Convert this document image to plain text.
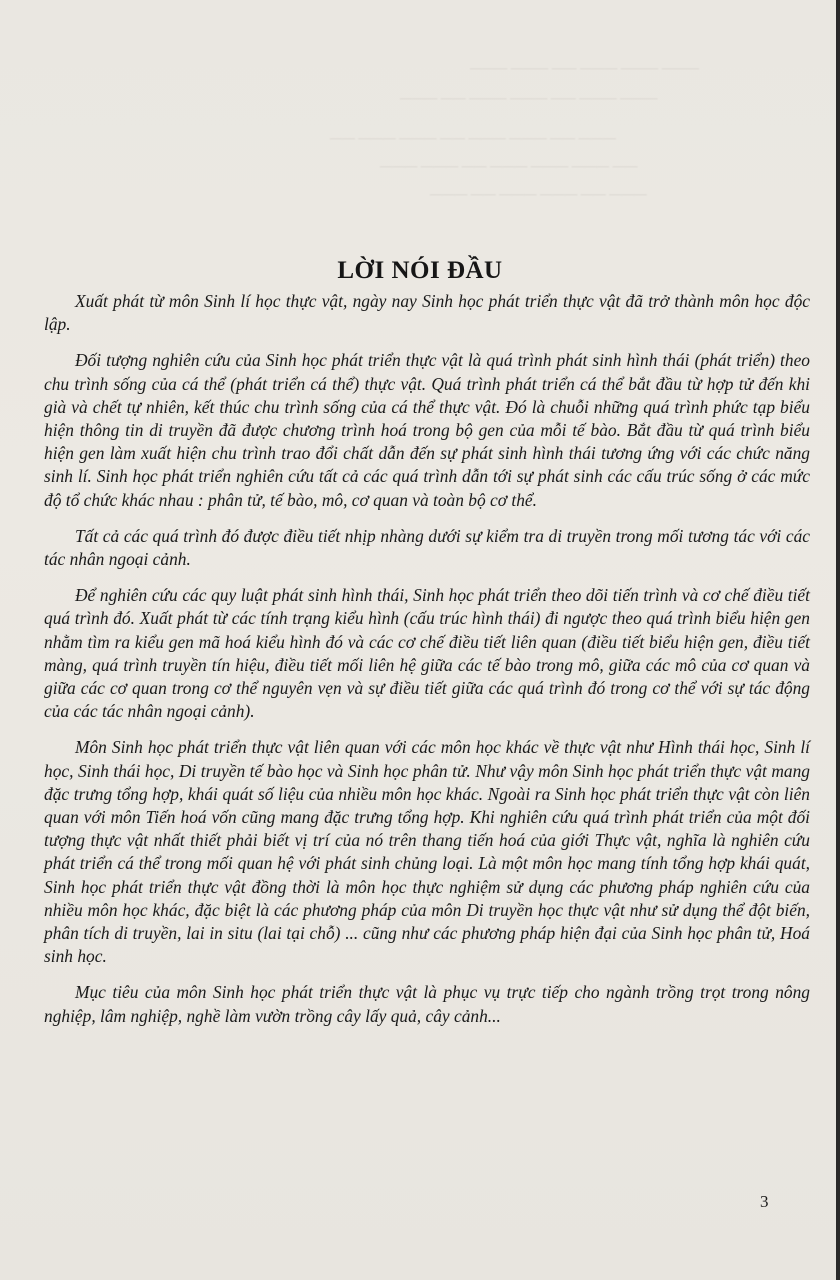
——— ——— —— ——— ——— ———
——— —— ——— ——— —— ——— ———
—— ——— ——— —— ——— ——— —— ———
——— ——— —— ——— ——— ——— ——
——— —— ——— ——— —— ———
LỜI NÓI ĐẦU

Xuất phát từ môn Sinh lí học thực vật, ngày nay Sinh học phát triển thực vật đã trở thành môn học độc lập.

Đối tượng nghiên cứu của Sinh học phát triển thực vật là quá trình phát sinh hình thái (phát triển) theo chu trình sống của cá thể (phát triển cá thể) thực vật. Quá trình phát triển cá thể bắt đầu từ hợp tử đến khi già và chết tự nhiên, kết thúc chu trình sống của cá thể thực vật. Đó là chuỗi những quá trình phức tạp biểu hiện thông tin di truyền đã được chương trình hoá trong bộ gen của mỗi tế bào. Bắt đầu từ quá trình biểu hiện gen làm xuất hiện chu trình trao đổi chất dẫn đến sự phát sinh hình thái tương ứng với các chức năng sinh lí. Sinh học phát triển nghiên cứu tất cả các quá trình dẫn tới sự phát sinh các cấu trúc sống ở các mức độ tổ chức khác nhau : phân tử, tế bào, mô, cơ quan và toàn bộ cơ thể.

Tất cả các quá trình đó được điều tiết nhịp nhàng dưới sự kiểm tra di truyền trong mối tương tác với các tác nhân ngoại cảnh.

Để nghiên cứu các quy luật phát sinh hình thái, Sinh học phát triển theo dõi tiến trình và cơ chế điều tiết quá trình đó. Xuất phát từ các tính trạng kiểu hình (cấu trúc hình thái) đi ngược theo quá trình biểu hiện gen nhằm tìm ra kiểu gen mã hoá kiểu hình đó và các cơ chế điều tiết liên quan (điều tiết biểu hiện gen, điều tiết màng, quá trình truyền tín hiệu, điều tiết mối liên hệ giữa các tế bào trong mô, giữa các mô của cơ quan và giữa các cơ quan trong cơ thể nguyên vẹn và sự điều tiết giữa các quá trình đó trong cơ thể với sự tác động của các tác nhân ngoại cảnh).

Môn Sinh học phát triển thực vật liên quan với các môn học khác về thực vật như Hình thái học, Sinh lí học, Sinh thái học, Di truyền tế bào học và Sinh học phân tử. Như vậy môn Sinh học phát triển thực vật mang đặc trưng tổng hợp, khái quát số liệu của nhiều môn học khác. Ngoài ra Sinh học phát triển thực vật còn liên quan với môn Tiến hoá vốn cũng mang đặc trưng tổng hợp. Khi nghiên cứu quá trình phát triển của một đối tượng thực vật nhất thiết phải biết vị trí của nó trên thang tiến hoá của giới Thực vật, nghĩa là nghiên cứu phát triển cá thể trong mối quan hệ với phát sinh chủng loại. Là một môn học mang tính tổng hợp khái quát, Sinh học phát triển thực vật đồng thời là môn học thực nghiệm sử dụng các phương pháp nghiên cứu của nhiều môn học khác, đặc biệt là các phương pháp của môn Di truyền học thực vật như sử dụng thể đột biến, phân tích di truyền, lai in situ (lai tại chỗ) ... cũng như các phương pháp hiện đại của Sinh học phân tử, Hoá sinh học.

Mục tiêu của môn Sinh học phát triển thực vật là phục vụ trực tiếp cho ngành trồng trọt trong nông nghiệp, lâm nghiệp, nghề làm vườn trồng cây lấy quả, cây cảnh...

3
